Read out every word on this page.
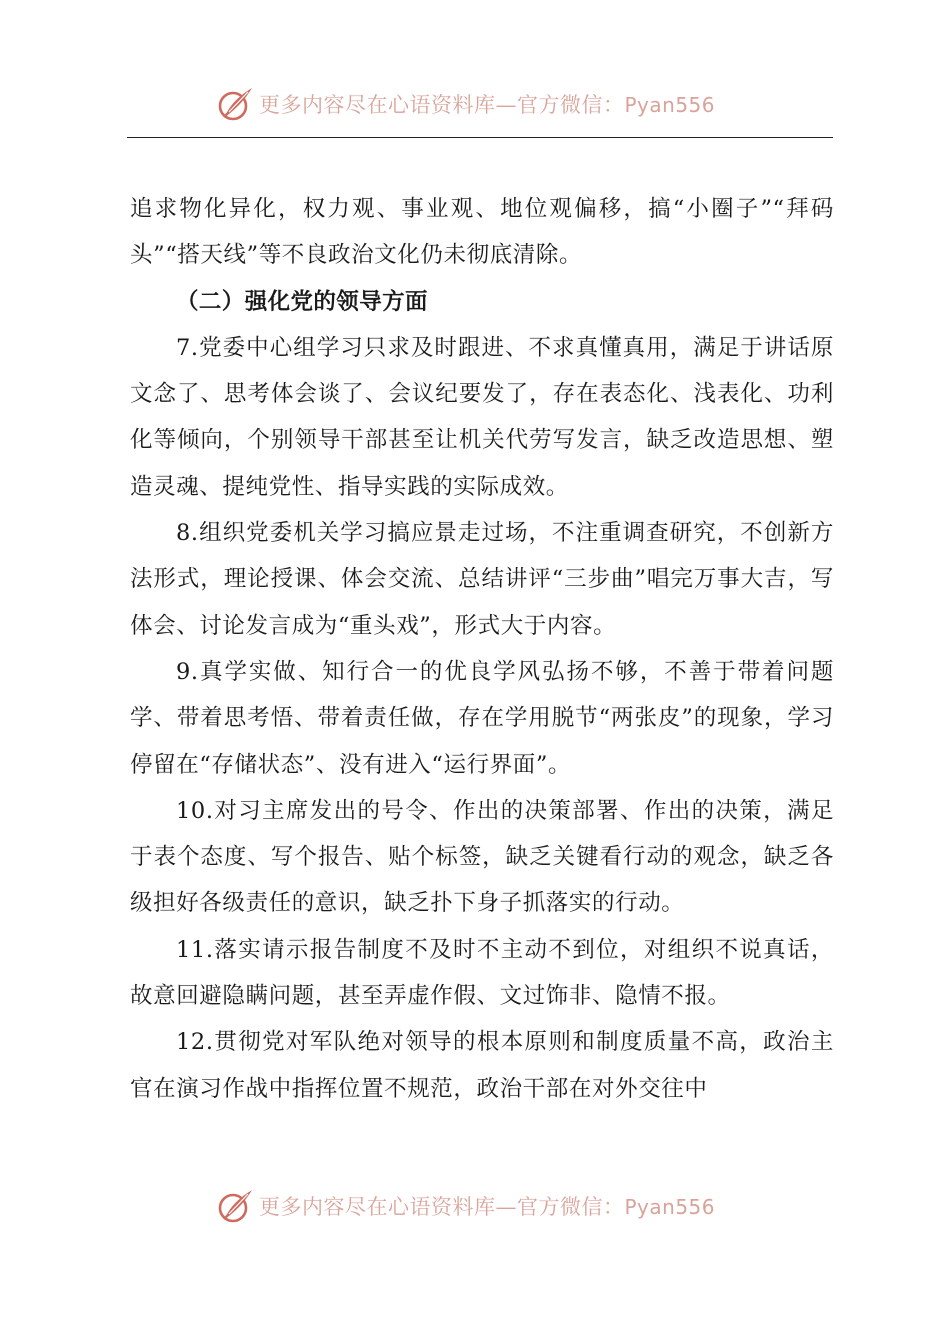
更多内容尽在心语资料库—官方微信：Pyan556

追求物化异化，权力观、事业观、地位观偏移，搞“小圈子”“拜码头”“搭天线”等不良政治文化仍未彻底清除。

（二）强化党的领导方面

7.党委中心组学习只求及时跟进、不求真懂真用，满足于讲话原文念了、思考体会谈了、会议纪要发了，存在表态化、浅表化、功利化等倾向，个别领导干部甚至让机关代劳写发言，缺乏改造思想、塑造灵魂、提纯党性、指导实践的实际成效。

8.组织党委机关学习搞应景走过场，不注重调查研究，不创新方法形式，理论授课、体会交流、总结讲评“三步曲”唱完万事大吉，写体会、讨论发言成为“重头戏”，形式大于内容。

9.真学实做、知行合一的优良学风弘扬不够，不善于带着问题学、带着思考悟、带着责任做，存在学用脱节“两张皮”的现象，学习停留在“存储状态”、没有进入“运行界面”。

10.对习主席发出的号令、作出的决策部署、作出的决策，满足于表个态度、写个报告、贴个标签，缺乏关键看行动的观念，缺乏各级担好各级责任的意识，缺乏扑下身子抓落实的行动。

11.落实请示报告制度不及时不主动不到位，对组织不说真话，故意回避隐瞒问题，甚至弄虚作假、文过饰非、隐情不报。

12.贯彻党对军队绝对领导的根本原则和制度质量不高，政治主官在演习作战中指挥位置不规范，政治干部在对外交往中

更多内容尽在心语资料库—官方微信：Pyan556
